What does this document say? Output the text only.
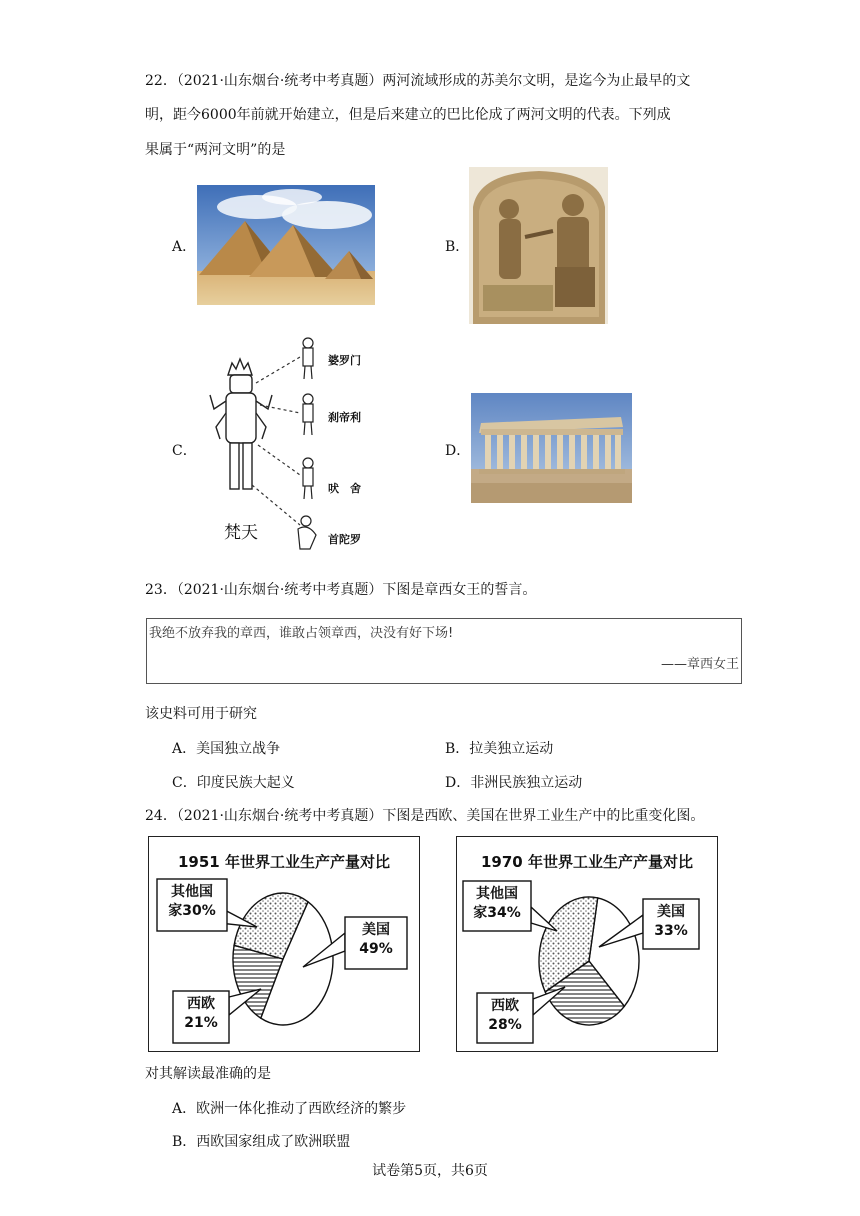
22．（2021·山东烟台·统考中考真题）两河流域形成的苏美尔文明，是迄今为止最早的文
明，距今6000年前就开始建立，但是后来建立的巴比伦成了两河文明的代表。下列成
果属于“两河文明”的是
A．	B．
C．	D．
婆罗门
刹帝利
吠　舍
首陀罗
梵天
23．（2021·山东烟台·统考中考真题）下图是章西女王的誓言。
我绝不放弃我的章西，谁敢占领章西，决没有好下场!
——章西女王
该史料可用于研究
A．美国独立战争	B．拉美独立运动
C．印度民族大起义	D．非洲民族独立运动
24．（2021·山东烟台·统考中考真题）下图是西欧、美国在世界工业生产中的比重变化图。
1951 年世界工业生产产量对比
其他国
家30%
美国
49%
西欧
21%
1970 年世界工业生产产量对比
其他国
家34%	美国
33%
西欧
28%
对其解读最准确的是
A．欧洲一体化推动了西欧经济的繁步
B．西欧国家组成了欧洲联盟
试卷第5页，共6页
